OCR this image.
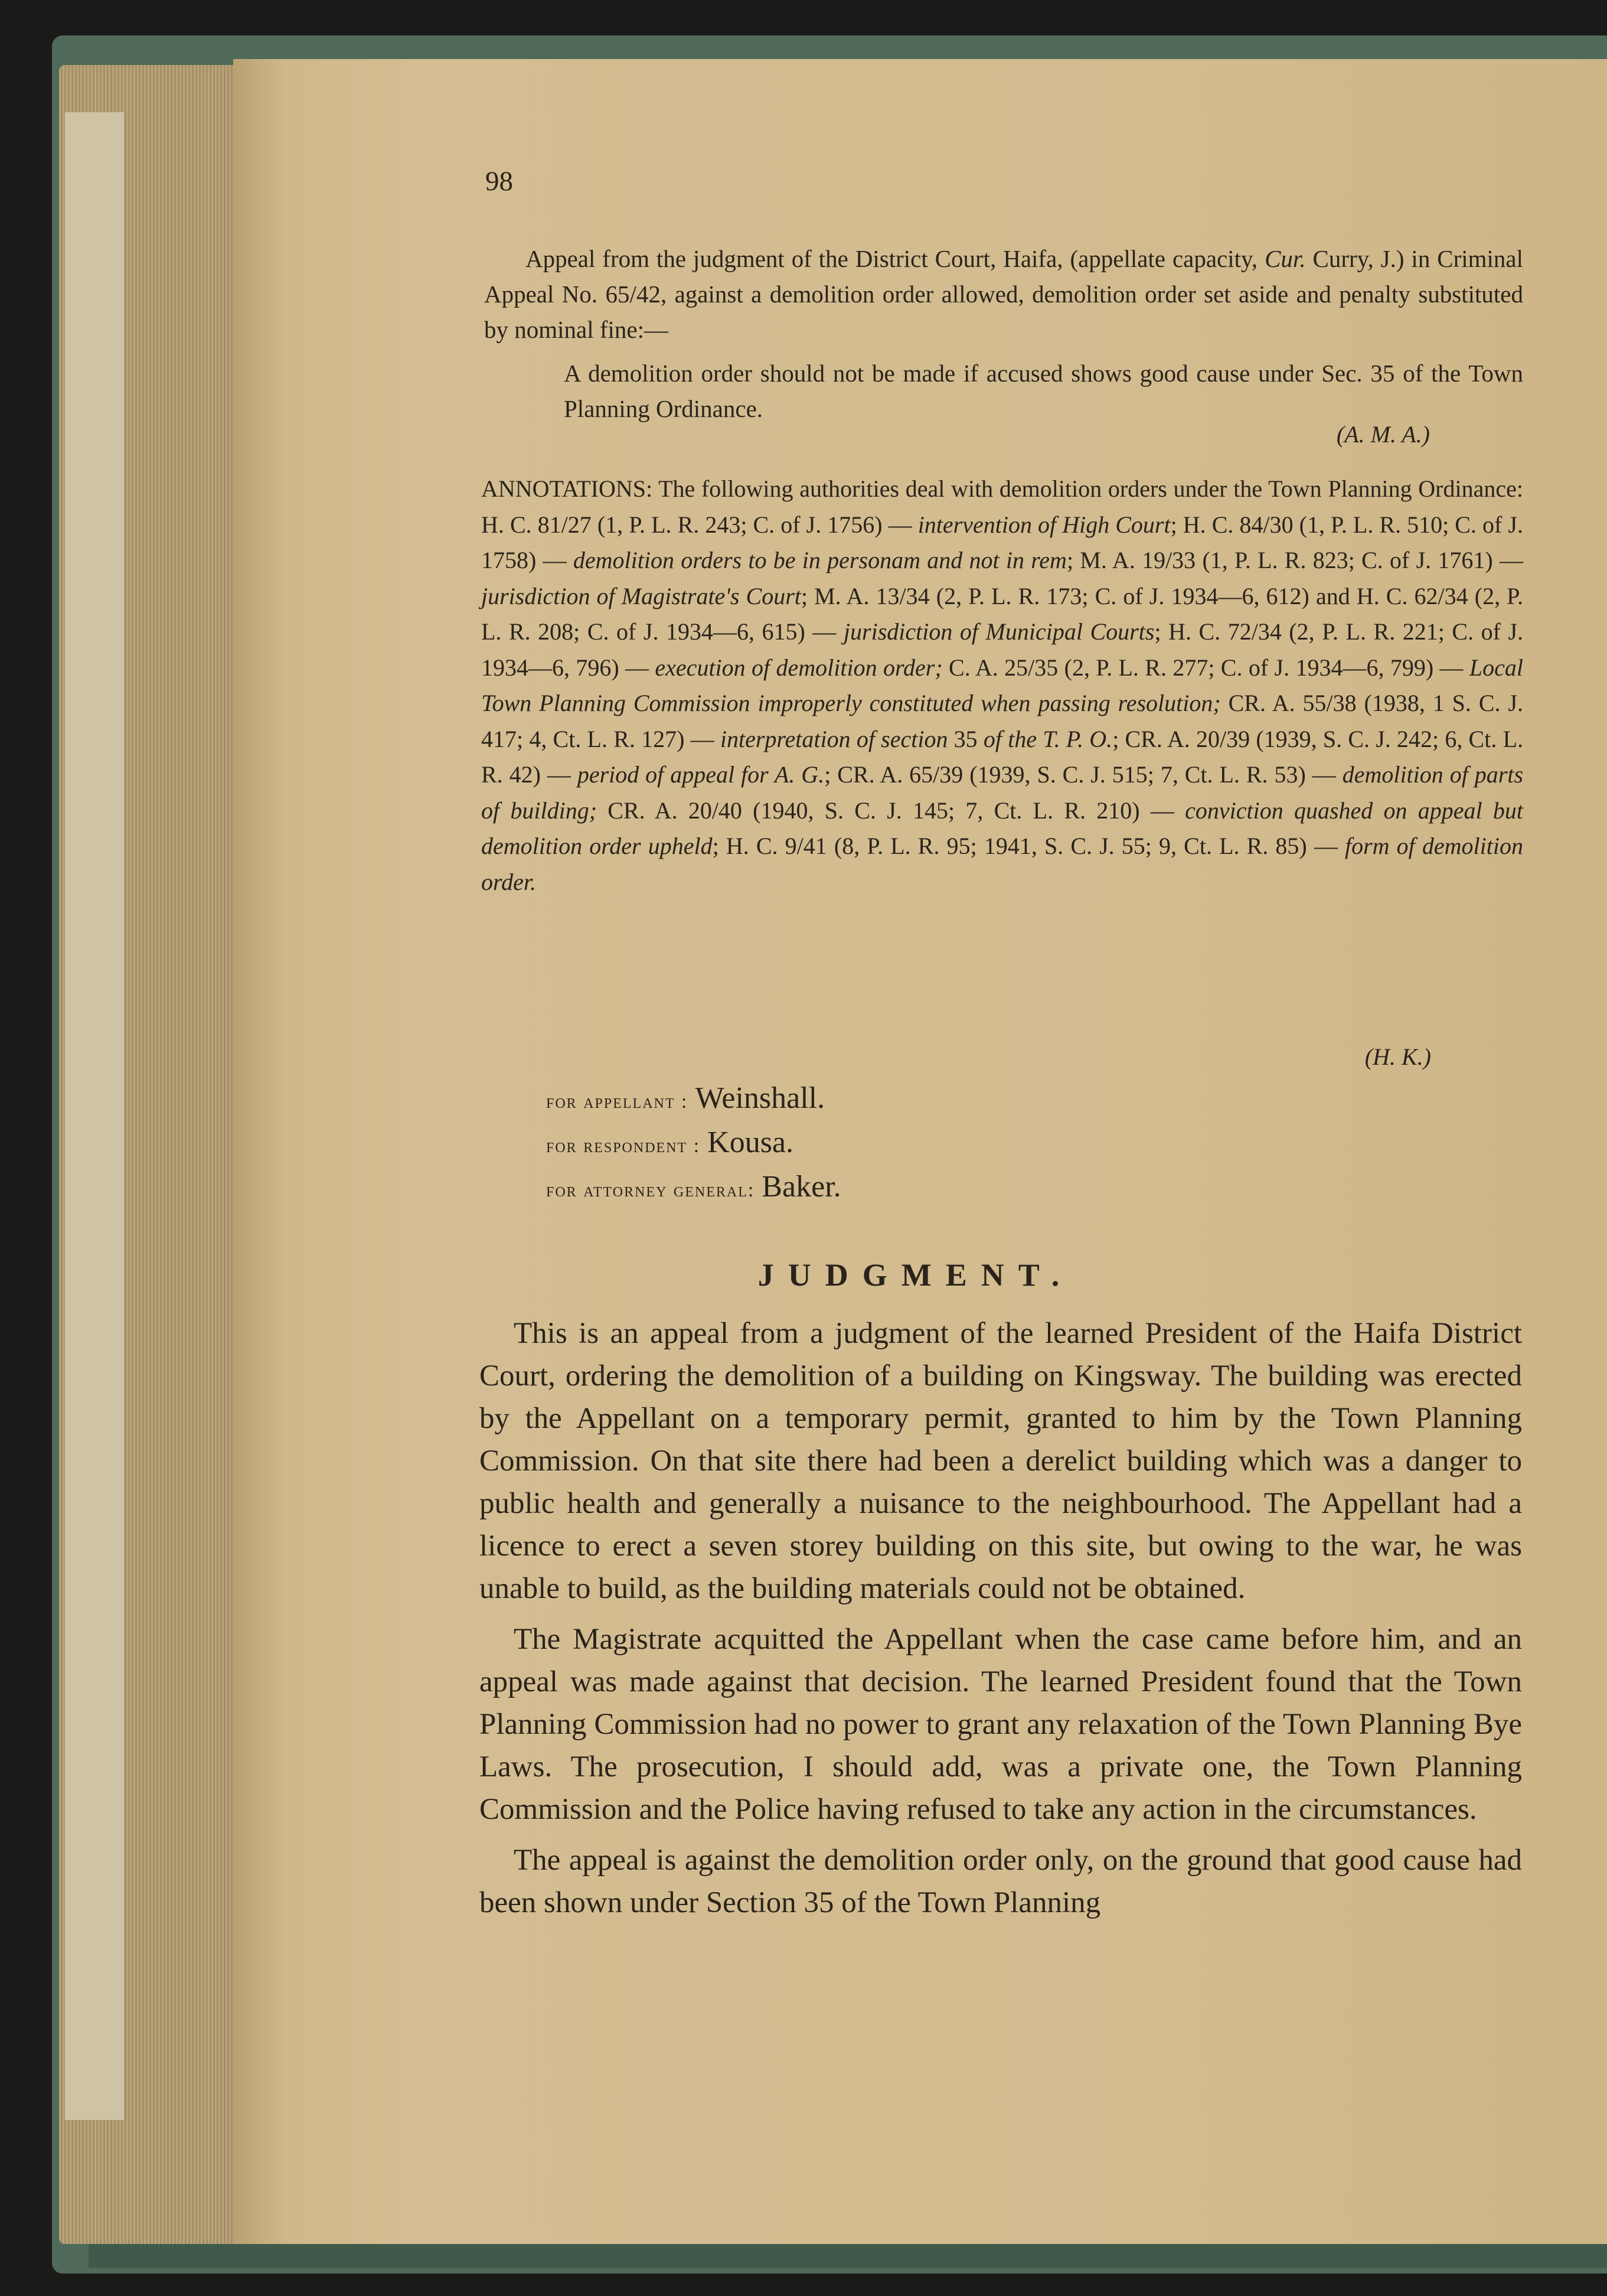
98

Appeal from the judgment of the District Court, Haifa, (appellate capacity, Cur. Curry, J.) in Criminal Appeal No. 65/42, against a demolition order allowed, demolition order set aside and penalty substituted by nominal fine:—

A demolition order should not be made if accused shows good cause under Sec. 35 of the Town Planning Ordinance.

(A. M. A.)

ANNOTATIONS: The following authorities deal with demolition orders under the Town Planning Ordinance: H. C. 81/27 (1, P. L. R. 243; C. of J. 1756) — intervention of High Court; H. C. 84/30 (1, P. L. R. 510; C. of J. 1758) — demolition orders to be in personam and not in rem; M. A. 19/33 (1, P. L. R. 823; C. of J. 1761) — jurisdiction of Magistrate's Court; M. A. 13/34 (2, P. L. R. 173; C. of J. 1934—6, 612) and H. C. 62/34 (2, P. L. R. 208; C. of J. 1934—6, 615) — jurisdiction of Municipal Courts; H. C. 72/34 (2, P. L. R. 221; C. of J. 1934—6, 796) — execution of demolition order; C. A. 25/35 (2, P. L. R. 277; C. of J. 1934—6, 799) — Local Town Planning Commission improperly constituted when passing resolution; CR. A. 55/38 (1938, 1 S. C. J. 417; 4, Ct. L. R. 127) — interpretation of section 35 of the T. P. O.; CR. A. 20/39 (1939, S. C. J. 242; 6, Ct. L. R. 42) — period of appeal for A. G.; CR. A. 65/39 (1939, S. C. J. 515; 7, Ct. L. R. 53) — demolition of parts of building; CR. A. 20/40 (1940, S. C. J. 145; 7, Ct. L. R. 210) — conviction quashed on appeal but demolition order upheld; H. C. 9/41 (8, P. L. R. 95; 1941, S. C. J. 55; 9, Ct. L. R. 85) — form of demolition order.

(H. K.)

for appellant : Weinshall.

for respondent : Kousa.

for attorney general: Baker.

JUDGMENT.

This is an appeal from a judgment of the learned President of the Haifa District Court, ordering the demolition of a building on Kingsway. The building was erected by the Appellant on a temporary permit, granted to him by the Town Planning Commission. On that site there had been a derelict building which was a danger to public health and generally a nuisance to the neighbourhood. The Appellant had a licence to erect a seven storey building on this site, but owing to the war, he was unable to build, as the building materials could not be obtained.

The Magistrate acquitted the Appellant when the case came before him, and an appeal was made against that decision. The learned President found that the Town Planning Commission had no power to grant any relaxation of the Town Planning Bye Laws. The prosecution, I should add, was a private one, the Town Planning Commission and the Police having refused to take any action in the circumstances.

The appeal is against the demolition order only, on the ground that good cause had been shown under Section 35 of the Town Planning
